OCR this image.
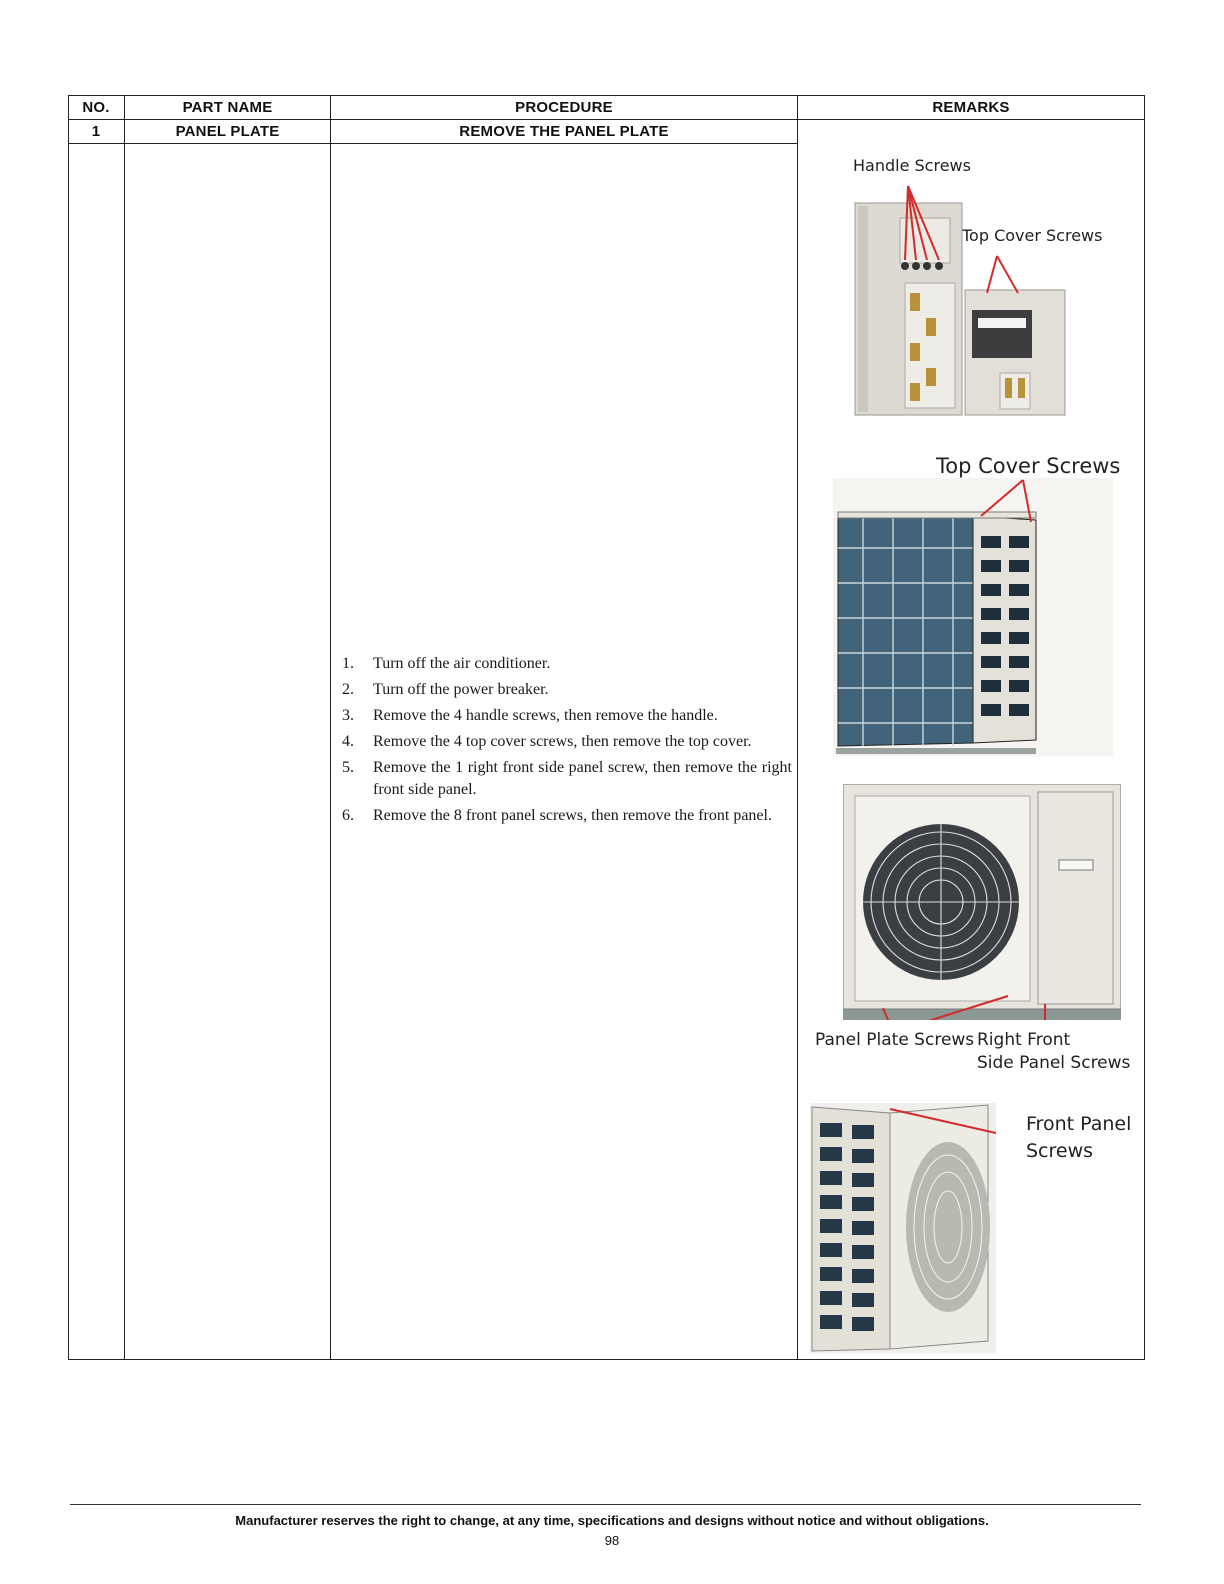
NO.	PART NAME	PROCEDURE	REMARKS
1	PANEL PLATE	REMOVE THE PANEL PLATE
1.	Turn off the air conditioner.
2.	Turn off the power breaker.
3.	Remove the 4 handle screws, then remove the handle.
4.	Remove the 4 top cover screws, then remove the top cover.
5.	Remove the 1 right front side panel screw, then remove the right front side panel.
6.	Remove the 8 front panel screws, then remove the front panel.
Handle Screws
Top Cover Screws
Top Cover Screws
Panel Plate Screws Right Front
Side Panel Screws
Front Panel
Screws
Manufacturer reserves the right to change, at any time, specifications and designs without notice and without obligations.
98
